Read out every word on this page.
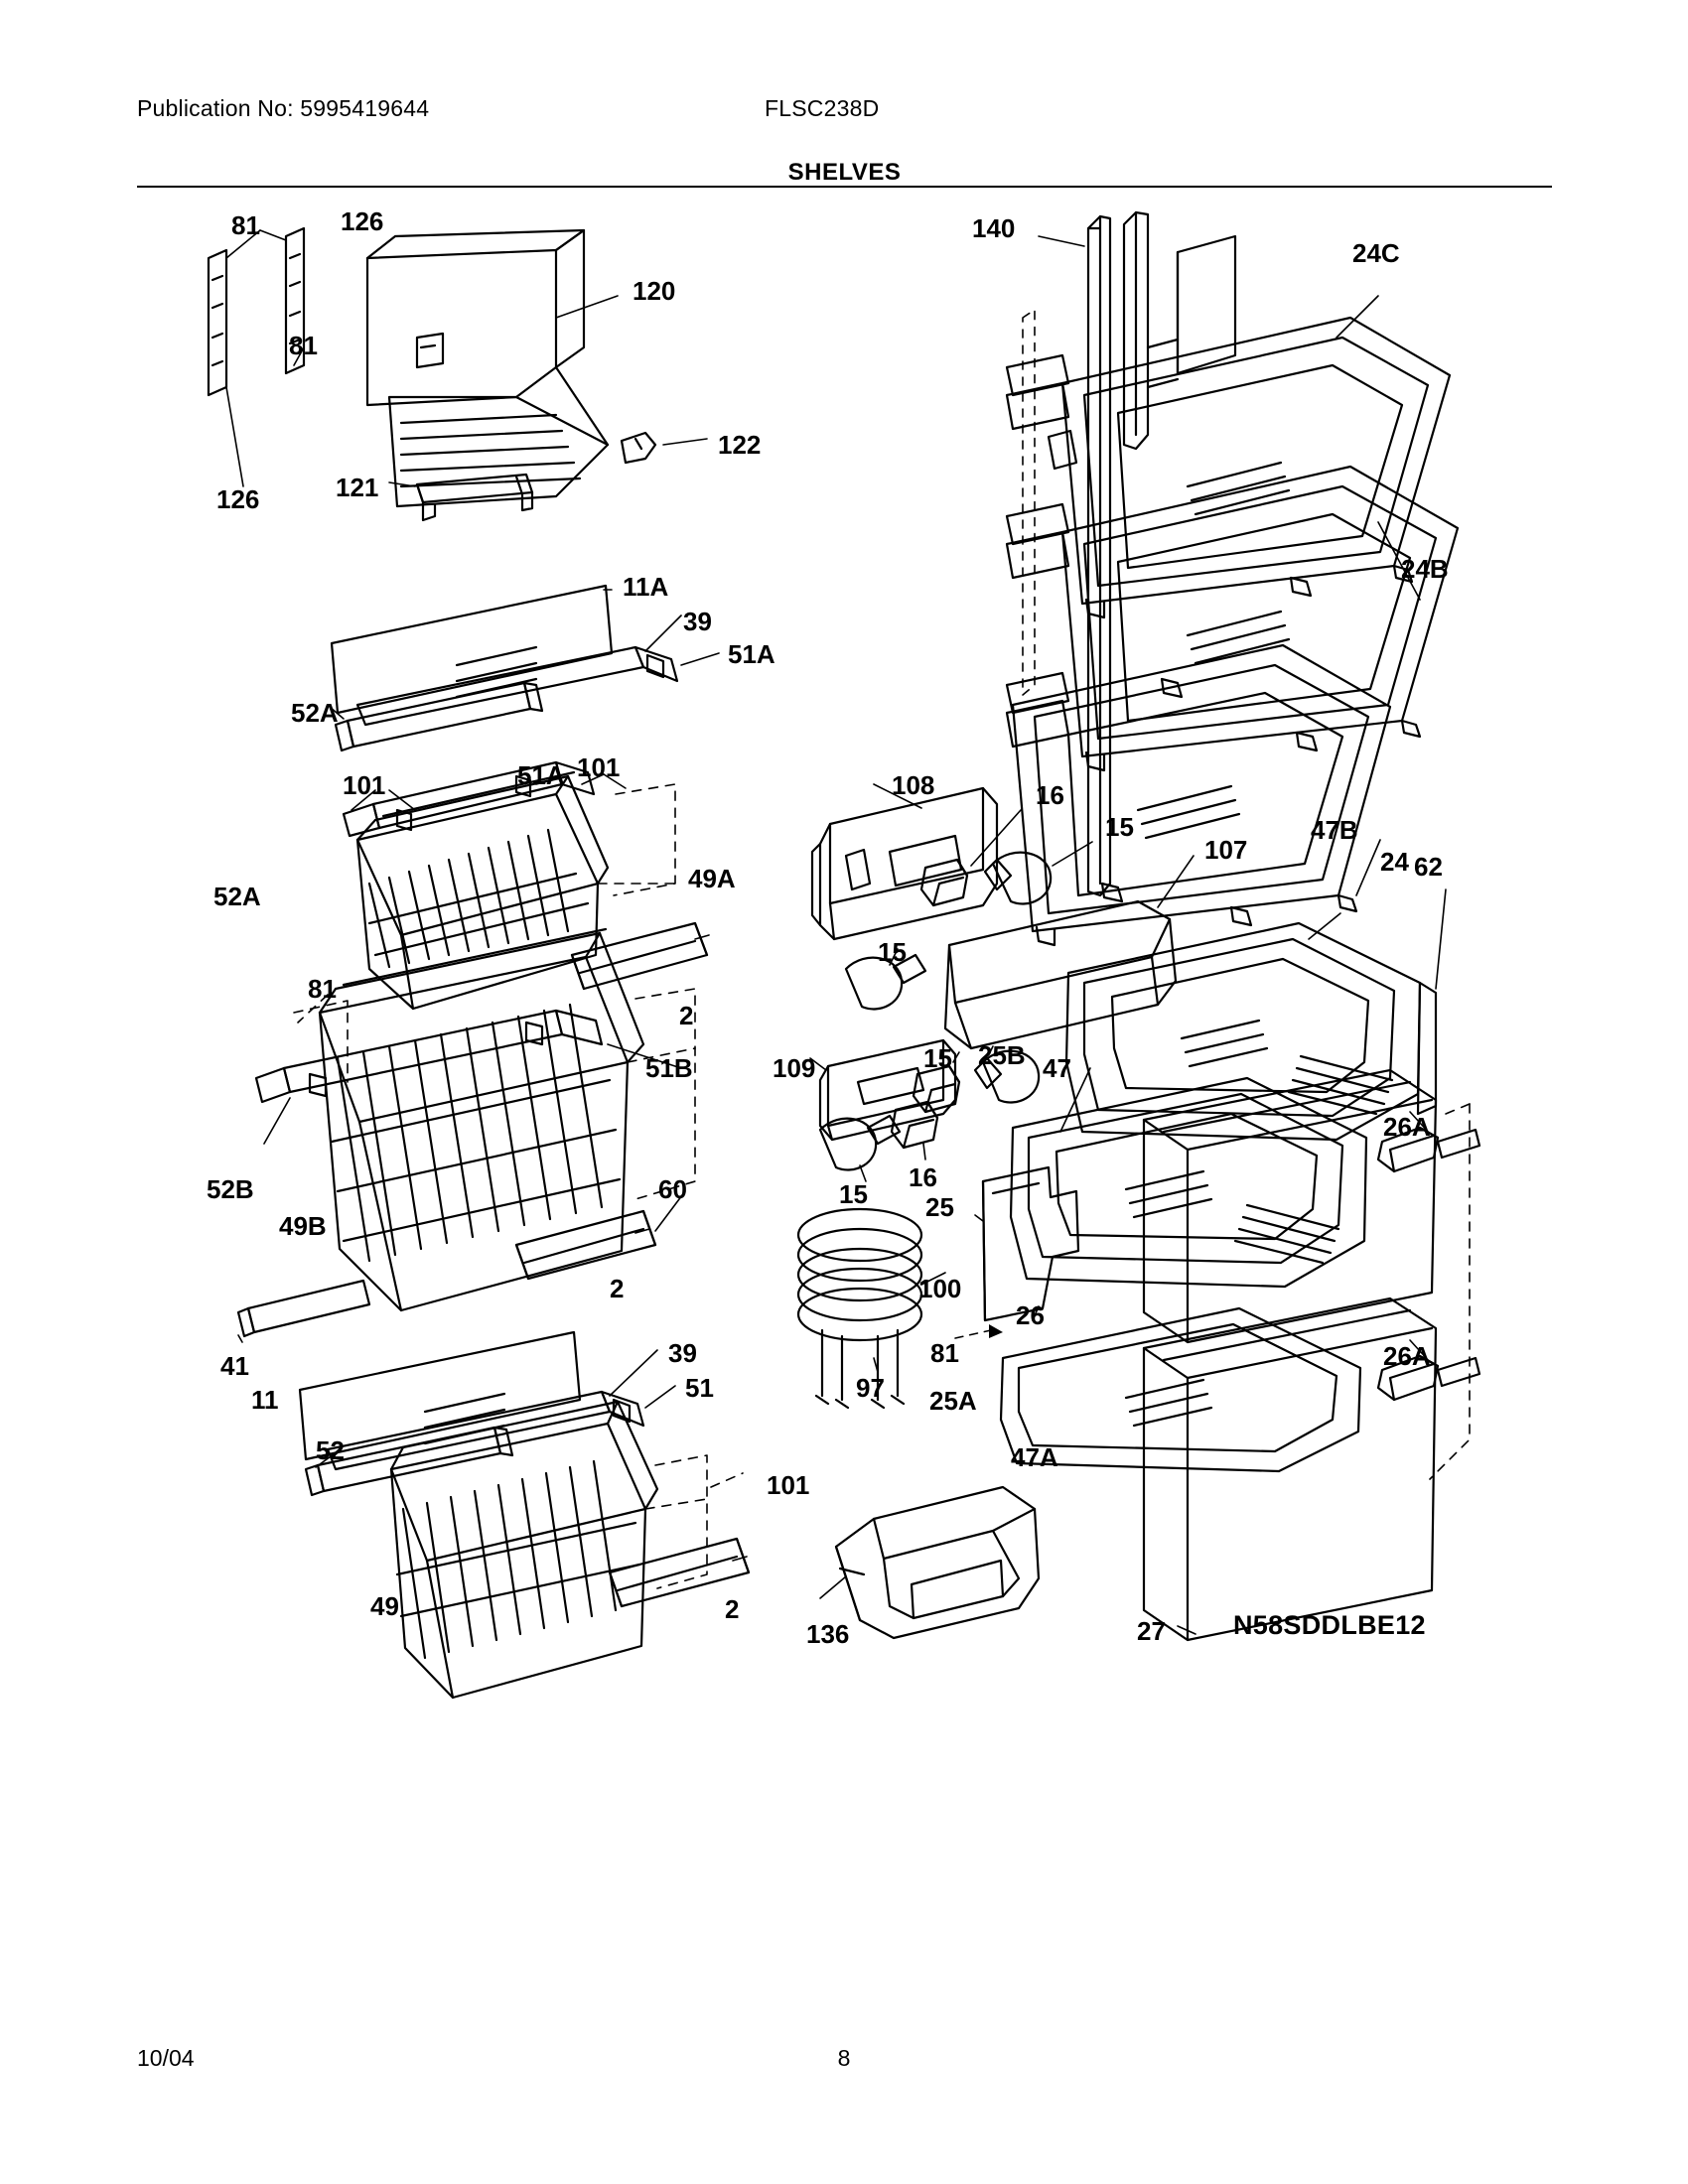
Publication No: 5995419644	FLSC238D
SHELVES
81	126
120
81
122
126	121
11A
39
51A
52A
101	51A 101
49A
52A
2
81
51B
52B
49B
60
2
41
11
39
51
52
101
49	2
136
108	16
15
107
15
109	15 25B 47
15
16
25
100
26
81
97 25A
47A
27
140
24C
24B
24
47B
62
26A
26A
N58SDDLBE12
10/04	8
